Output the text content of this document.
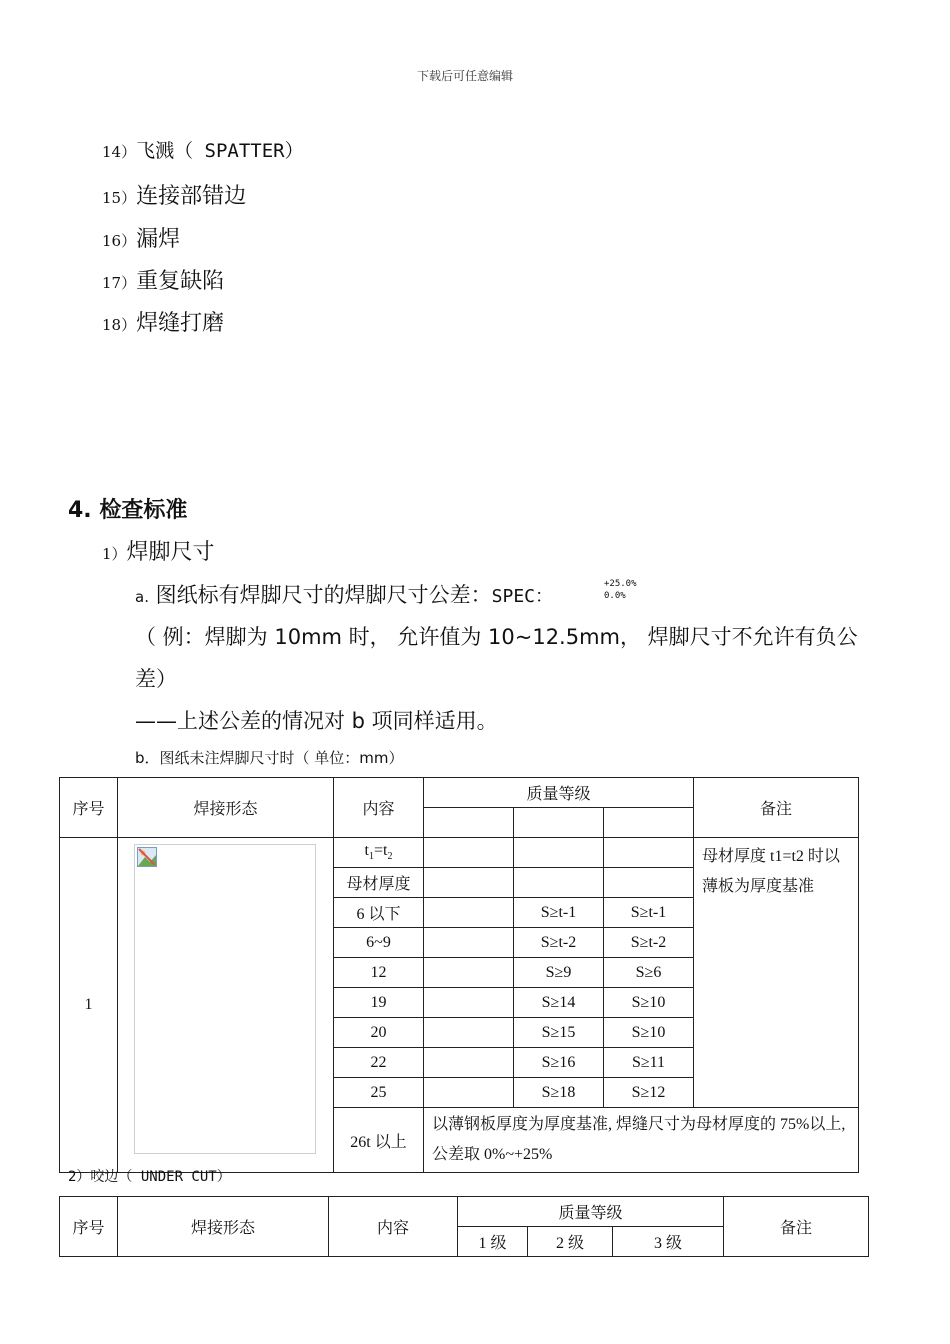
下载后可任意编辑
14）飞溅（ SPATTER）
15）连接部错边
16）漏焊
17）重复缺陷
18）焊缝打磨
4. 检查标准
1）焊脚尺寸
a. 图纸标有焊脚尺寸的焊脚尺寸公差：SPEC：
+25.0%
0.0%
（ 例：焊脚为 10mm 时， 允许值为 10~12.5mm， 焊脚尺寸不允许有负公
差）
——上述公差的情况对 b 项同样适用。
b．图纸未注焊脚尺寸时（ 单位：mm）
序号	焊接形态	内容	质量等级			备注

1		$t_1=t_2$				母材厚度 t1=t2 时以薄板为厚度基准
		母材厚度				
		6 以下		S≥t-1	S≥t-1	
		6~9		S≥t-2	S≥t-2	
		12		S≥9	S≥6	
		19		S≥14	S≥10	
		20		S≥15	S≥10	
		22		S≥16	S≥11	
		25		S≥18	S≥12	
		26t 以上	以薄钢板厚度为厚度基准, 焊缝尺寸为母材厚度的 75%以上, 公差取 0%~+25%			
2）咬边（ UNDER CUT）
序号	焊接形态	内容	质量等级			备注
			1 级	2 级	3 级	
